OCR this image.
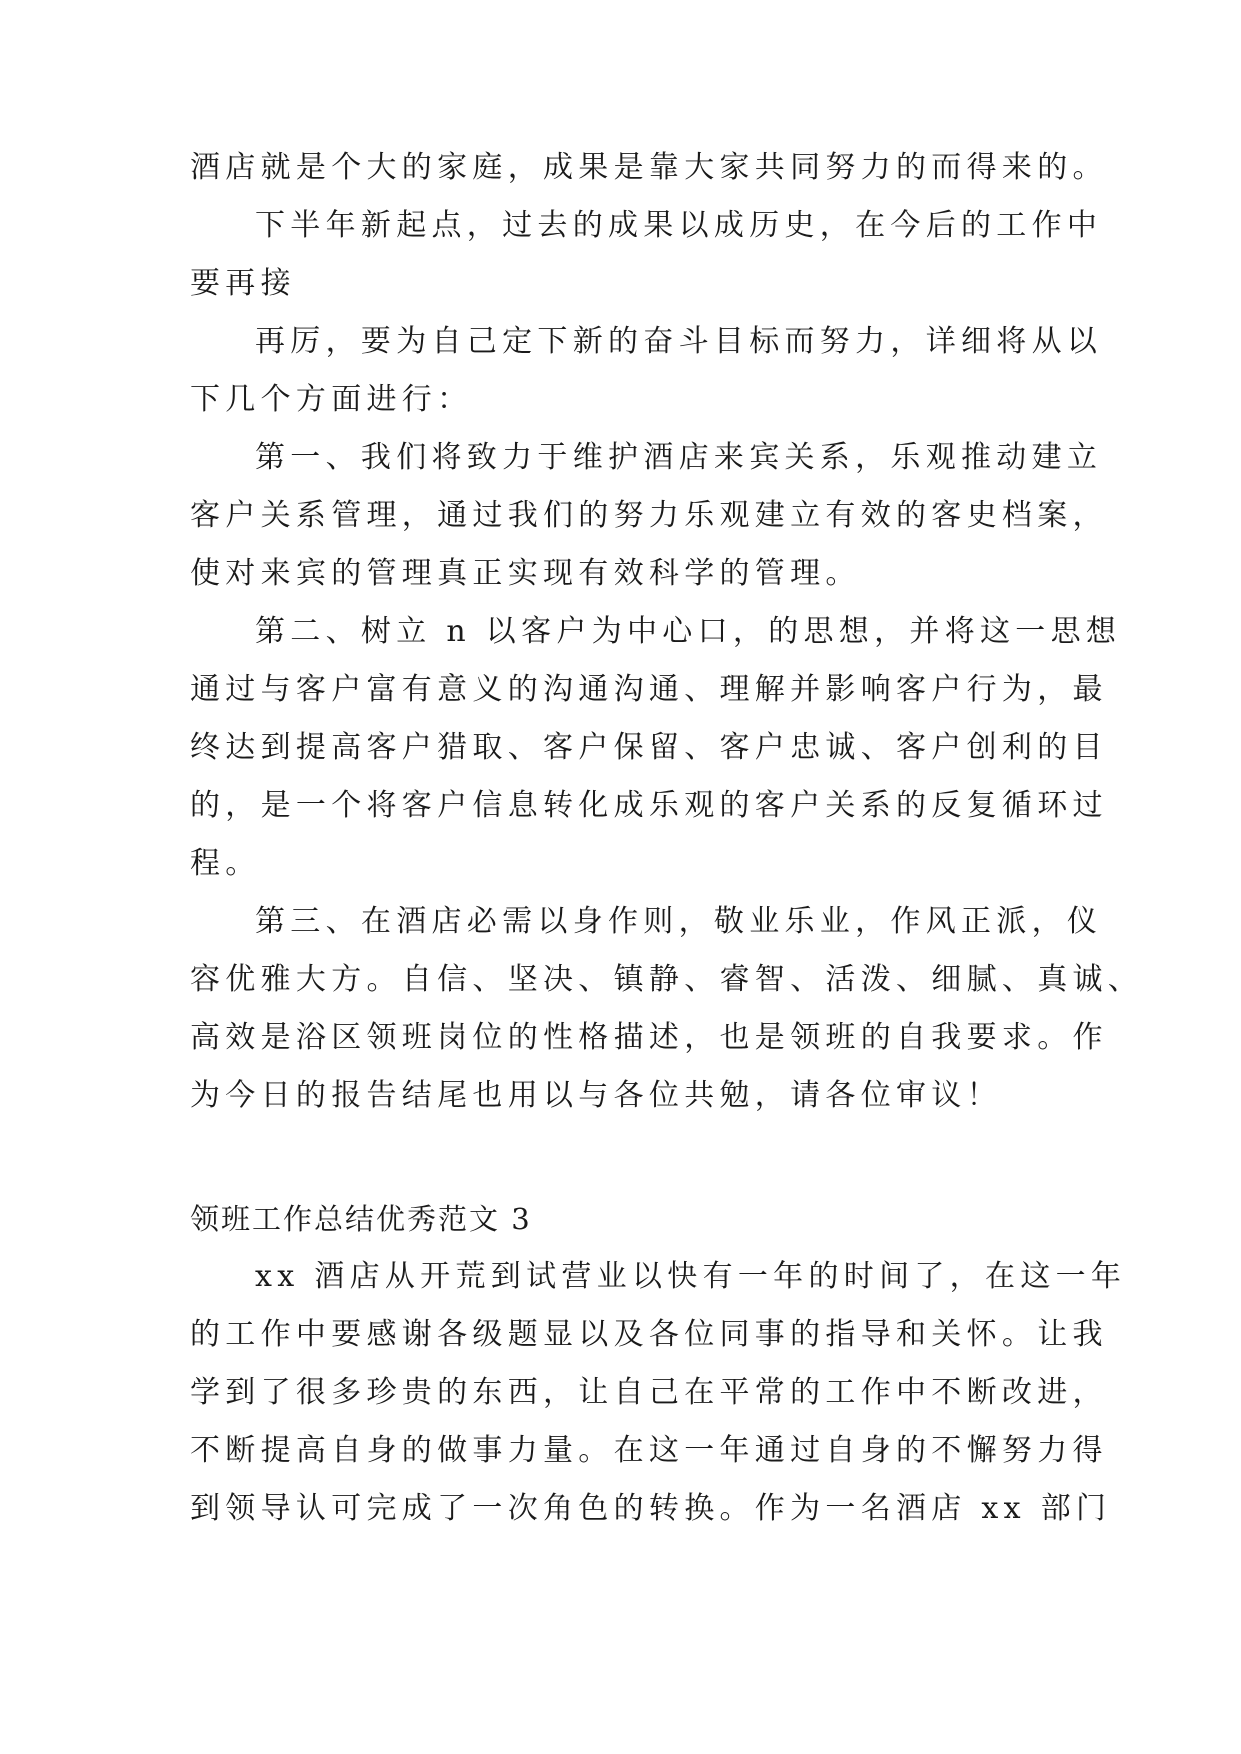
酒店就是个大的家庭，成果是靠大家共同努力的而得来的。
下半年新起点，过去的成果以成历史，在今后的工作中
要再接
再厉，要为自己定下新的奋斗目标而努力，详细将从以
下几个方面进行：
第一、我们将致力于维护酒店来宾关系，乐观推动建立
客户关系管理，通过我们的努力乐观建立有效的客史档案，
使对来宾的管理真正实现有效科学的管理。
第二、树立 n 以客户为中心口，的思想，并将这一思想
通过与客户富有意义的沟通沟通、理解并影响客户行为，最
终达到提高客户猎取、客户保留、客户忠诚、客户创利的目
的，是一个将客户信息转化成乐观的客户关系的反复循环过
程。
第三、在酒店必需以身作则，敬业乐业，作风正派，仪
容优雅大方。自信、坚决、镇静、睿智、活泼、细腻、真诚、
高效是浴区领班岗位的性格描述，也是领班的自我要求。作
为今日的报告结尾也用以与各位共勉，请各位审议！
领班工作总结优秀范文 3
xx 酒店从开荒到试营业以快有一年的时间了，在这一年
的工作中要感谢各级题显以及各位同事的指导和关怀。让我
学到了很多珍贵的东西，让自己在平常的工作中不断改进，
不断提高自身的做事力量。在这一年通过自身的不懈努力得
到领导认可完成了一次角色的转换。作为一名酒店 xx 部门
